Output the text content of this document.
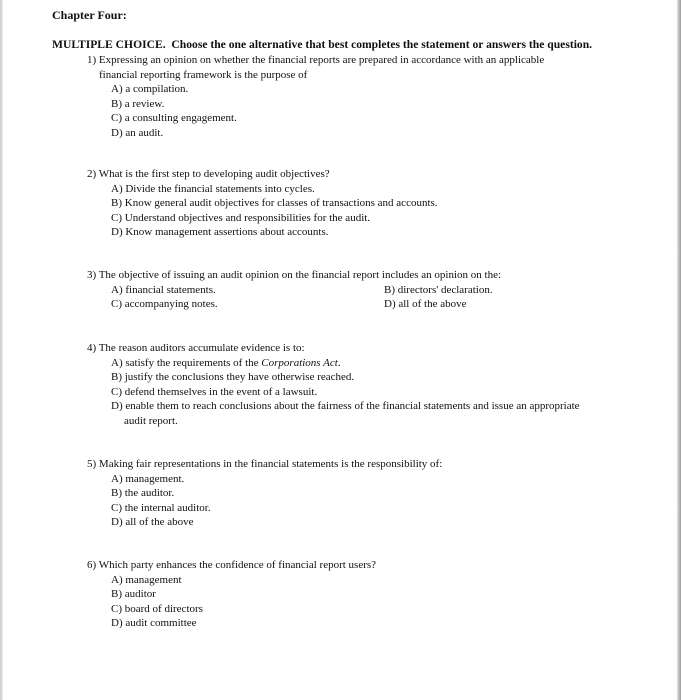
Chapter Four:
MULTIPLE CHOICE. Choose the one alternative that best completes the statement or answers the question.
1) Expressing an opinion on whether the financial reports are prepared in accordance with an applicable
financial reporting framework is the purpose of
A) a compilation.
B) a review.
C) a consulting engagement.
D) an audit.
2) What is the first step to developing audit objectives?
A) Divide the financial statements into cycles.
B) Know general audit objectives for classes of transactions and accounts.
C) Understand objectives and responsibilities for the audit.
D) Know management assertions about accounts.
3) The objective of issuing an audit opinion on the financial report includes an opinion on the:
A) financial statements.	B) directors' declaration.
C) accompanying notes.	D) all of the above
4) The reason auditors accumulate evidence is to:
A) satisfy the requirements of the Corporations Act.
B) justify the conclusions they have otherwise reached.
C) defend themselves in the event of a lawsuit.
D) enable them to reach conclusions about the fairness of the financial statements and issue an appropriate
audit report.
5) Making fair representations in the financial statements is the responsibility of:
A) management.
B) the auditor.
C) the internal auditor.
D) all of the above
6) Which party enhances the confidence of financial report users?
A) management
B) auditor
C) board of directors
D) audit committee
